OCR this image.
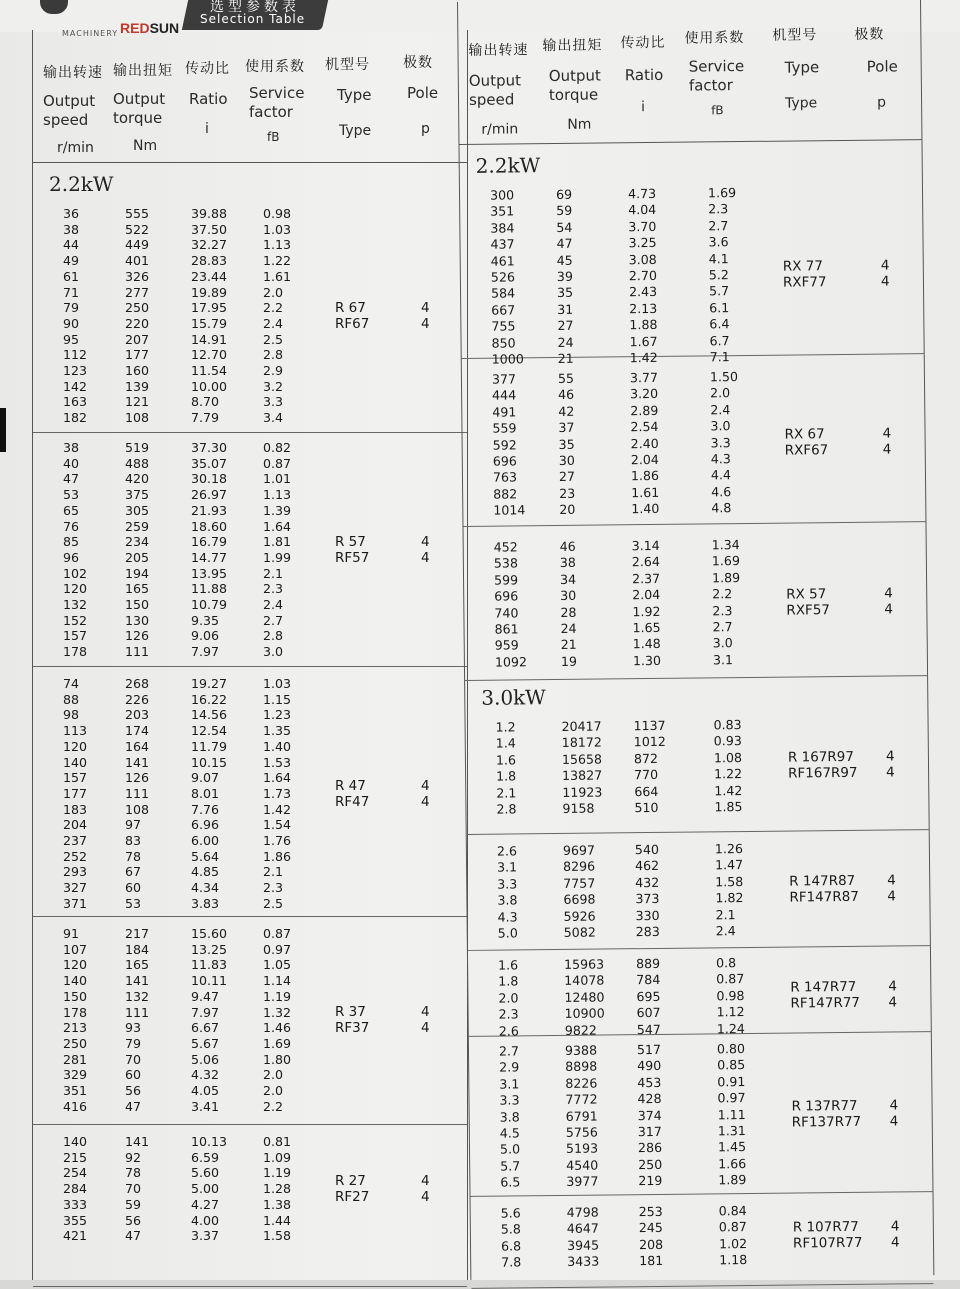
REDSUN
MACHINERY
选型参数表
Selection Table
输出转速
Output speed
r/min
输出扭矩
Output torque
Nm
传动比
Ratio
i
使用系数
Service factor
fB
机型号
Type
Type
极数
Pole
p
2.2kW
36	555	39.88	0.98
38	522	37.50	1.03
44	449	32.27	1.13
49	401	28.83	1.22
61	326	23.44	1.61
71	277	19.89	2.0
79	250	17.95	2.2
90	220	15.79	2.4
95	207	14.91	2.5
112	177	12.70	2.8
123	160	11.54	2.9
142	139	10.00	3.2
163	121	8.70	3.3
182	108	7.79	3.4
R 67
RF67
4
4
38	519	37.30	0.82
40	488	35.07	0.87
47	420	30.18	1.01
53	375	26.97	1.13
65	305	21.93	1.39
76	259	18.60	1.64
85	234	16.79	1.81
96	205	14.77	1.99
102	194	13.95	2.1
120	165	11.88	2.3
132	150	10.79	2.4
152	130	9.35	2.7
157	126	9.06	2.8
178	111	7.97	3.0
R 57
RF57
4
4
74	268	19.27	1.03
88	226	16.22	1.15
98	203	14.56	1.23
113	174	12.54	1.35
120	164	11.79	1.40
140	141	10.15	1.53
157	126	9.07	1.64
177	111	8.01	1.73
183	108	7.76	1.42
204	97	6.96	1.54
237	83	6.00	1.76
252	78	5.64	1.86
293	67	4.85	2.1
327	60	4.34	2.3
371	53	3.83	2.5
R 47
RF47
4
4
91	217	15.60	0.87
107	184	13.25	0.97
120	165	11.83	1.05
140	141	10.11	1.14
150	132	9.47	1.19
178	111	7.97	1.32
213	93	6.67	1.46
250	79	5.67	1.69
281	70	5.06	1.80
329	60	4.32	2.0
351	56	4.05	2.0
416	47	3.41	2.2
R 37
RF37
4
4
140	141	10.13	0.81
215	92	6.59	1.09
254	78	5.60	1.19
284	70	5.00	1.28
333	59	4.27	1.38
355	56	4.00	1.44
421	47	3.37	1.58
R 27
RF27
4
4
输出转速
Output speed
r/min
输出扭矩
Output torque
Nm
传动比
Ratio
i
使用系数
Service factor
fB
机型号
Type
Type
极数
Pole
p
2.2kW
300	69	4.73	1.69
351	59	4.04	2.3
384	54	3.70	2.7
437	47	3.25	3.6
461	45	3.08	4.1
526	39	2.70	5.2
584	35	2.43	5.7
667	31	2.13	6.1
755	27	1.88	6.4
850	24	1.67	6.7
1000	21	1.42	7.1
RX 77
RXF77
4
4
377	55	3.77	1.50
444	46	3.20	2.0
491	42	2.89	2.4
559	37	2.54	3.0
592	35	2.40	3.3
696	30	2.04	4.3
763	27	1.86	4.4
882	23	1.61	4.6
1014	20	1.40	4.8
RX 67
RXF67
4
4
452	46	3.14	1.34
538	38	2.64	1.69
599	34	2.37	1.89
696	30	2.04	2.2
740	28	1.92	2.3
861	24	1.65	2.7
959	21	1.48	3.0
1092	19	1.30	3.1
RX 57
RXF57
4
4
3.0kW
1.2	20417	1137	0.83
1.4	18172	1012	0.93
1.6	15658	872	1.08
1.8	13827	770	1.22
2.1	11923	664	1.42
2.8	9158	510	1.85
R 167R97
RF167R97
4
4
2.6	9697	540	1.26
3.1	8296	462	1.47
3.3	7757	432	1.58
3.8	6698	373	1.82
4.3	5926	330	2.1
5.0	5082	283	2.4
R 147R87
RF147R87
4
4
1.6	15963	889	0.8
1.8	14078	784	0.87
2.0	12480	695	0.98
2.3	10900	607	1.12
2.6	9822	547	1.24
R 147R77
RF147R77
4
4
2.7	9388	517	0.80
2.9	8898	490	0.85
3.1	8226	453	0.91
3.3	7772	428	0.97
3.8	6791	374	1.11
4.5	5756	317	1.31
5.0	5193	286	1.45
5.7	4540	250	1.66
6.5	3977	219	1.89
R 137R77
RF137R77
4
4
5.6	4798	253	0.84
5.8	4647	245	0.87
6.8	3945	208	1.02
7.8	3433	181	1.18
R 107R77
RF107R77
4
4
